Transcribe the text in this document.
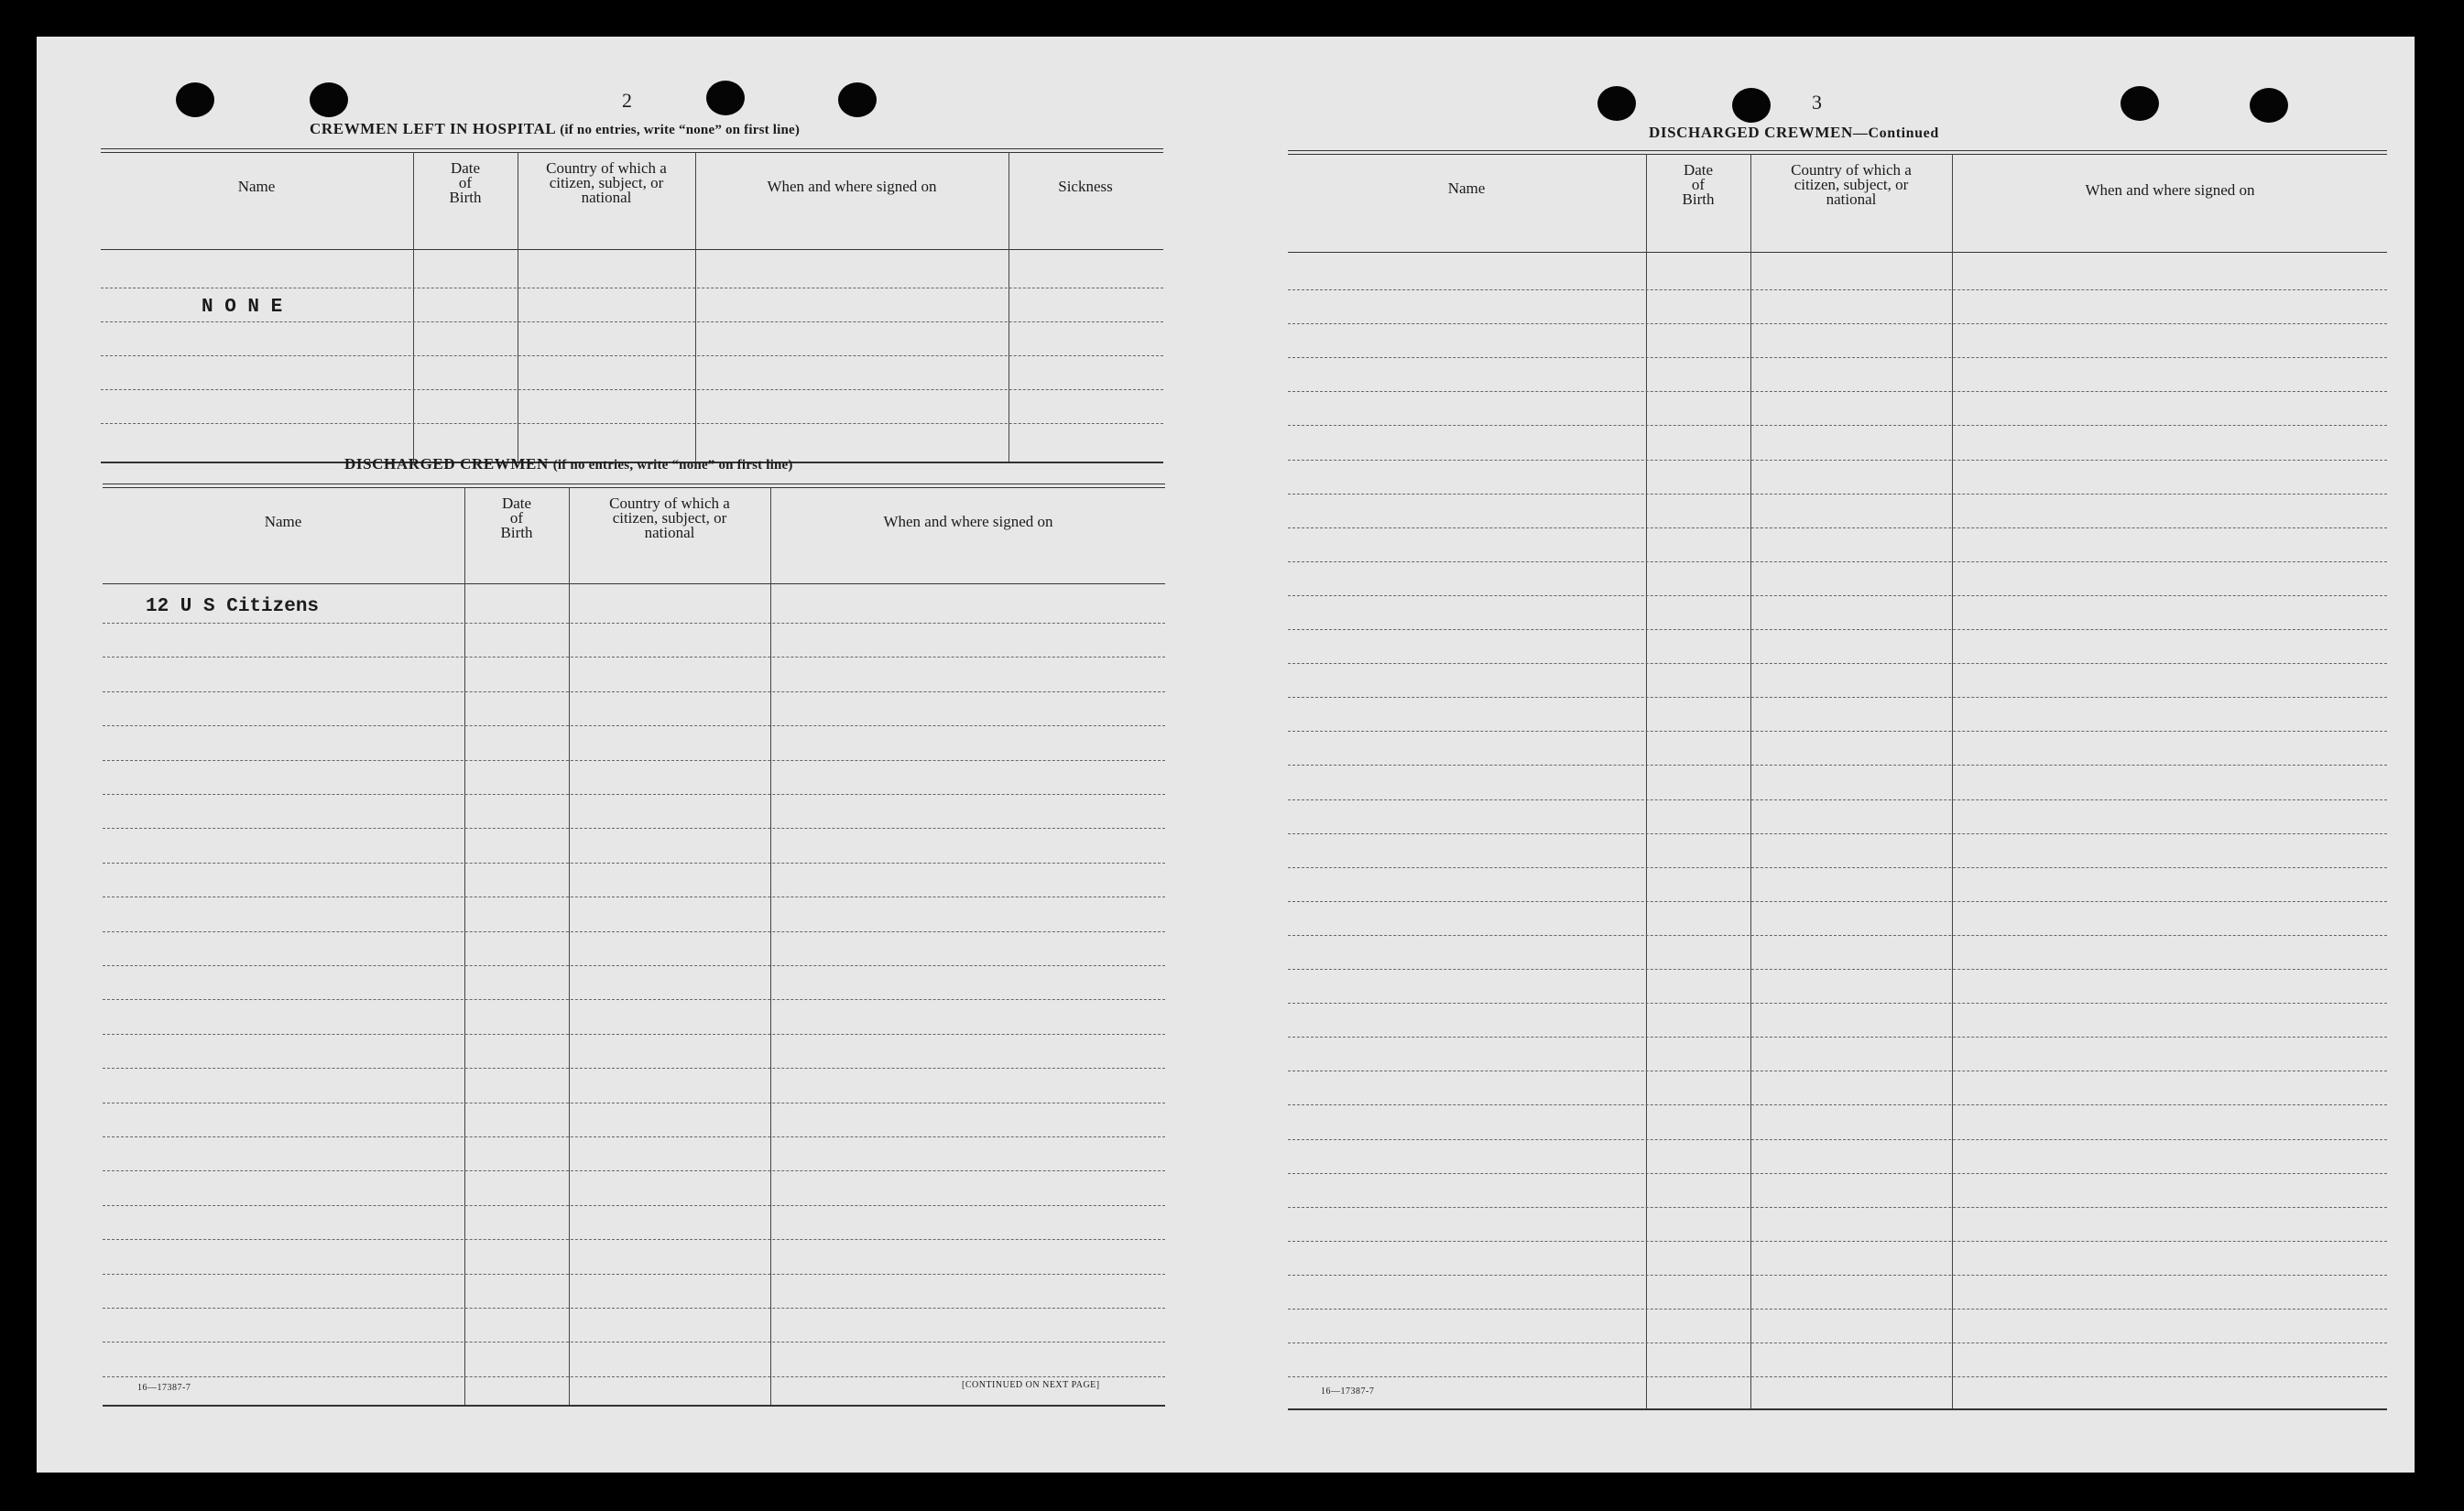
2
CREWMEN LEFT IN HOSPITAL (if no entries, write “none” on first line)
Name
Date
of
Birth
Country of which a
citizen, subject, or
national
When and where signed on	Sickness
N O N E
DISCHARGED CREWMEN (if no entries, write “none” on first line)
Name
Date
of
Birth
Country of which a
citizen, subject, or
national
When and where signed on
12 U S Citizens
16—17387-7	[CONTINUED ON NEXT PAGE]
3
DISCHARGED CREWMEN—Continued
Name
Date
of
Birth
Country of which a
citizen, subject, or
national
When and where signed on
16—17387-7
